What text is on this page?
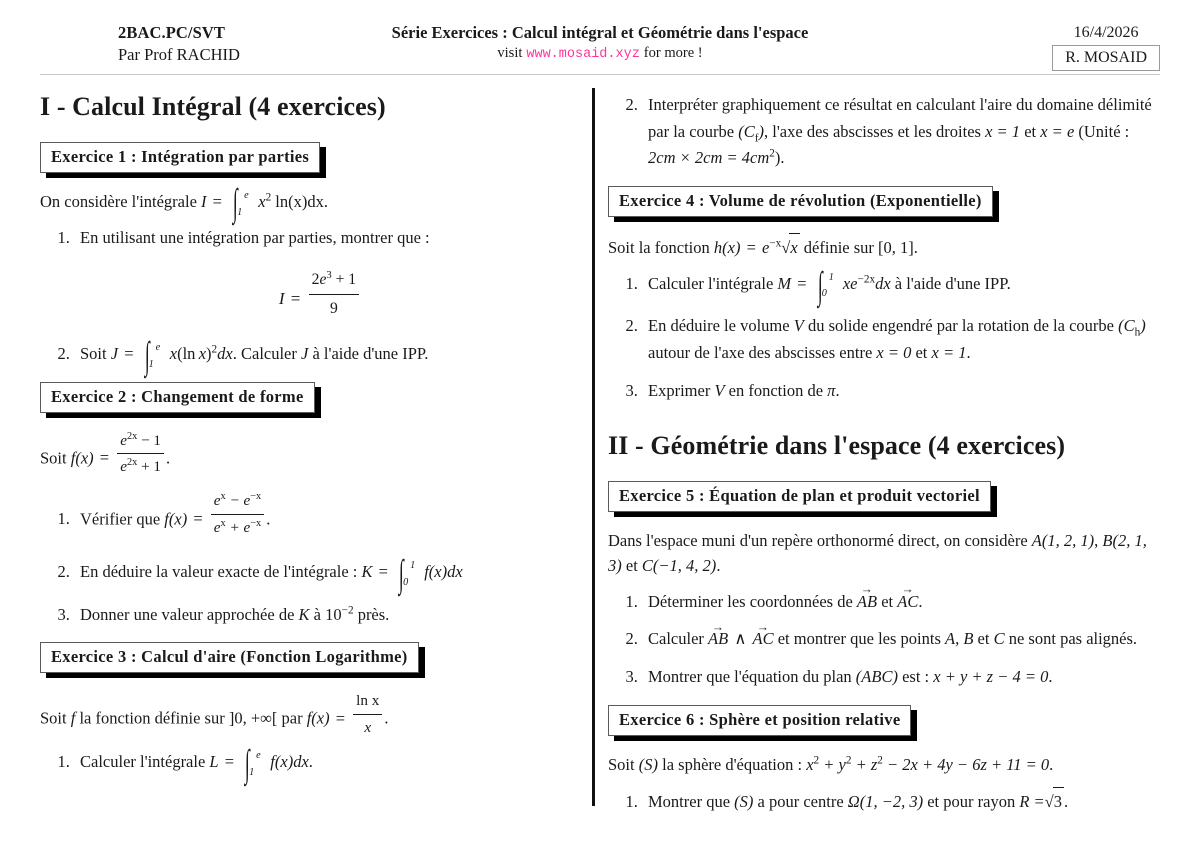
2BAC.PC/SVT
Par Prof RACHID
Série Exercices : Calcul intégral et Géométrie dans l'espace
visit www.mosaid.xyz for more !
16/4/2026
R. MOSAID
I - Calcul Intégral (4 exercices)
Exercice 1 : Intégration par parties

On considère l'intégrale I = ∫ e
1
$x^2$ ln(x)dx.

1. En utilisant une intégration par parties, montrer que :
$I = \frac{2e^3 + 1}{9}$
2. Soit J = ∫ e
1
x(ln x)$^2$dx. Calculer J à l'aide d'une IPP.
Exercice 2 : Changement de forme

Soit $f(x) = \frac{e^{2x} - 1}{e^{2x} + 1}$ .

1. Vérifier que $f(x) = \frac{e^x - e^{-x}}{e^x + e^{-x}}$ .
2. En déduire la valeur exacte de l'intégrale : K = ∫ 1
0
f(x)dx
3. Donner une valeur approchée de K à $10^{-2}$ près.
Exercice 3 : Calcul d'aire (Fonction Logarithme)

Soit f la fonction définie sur ]0, +∞[ par $f(x) = \frac{\text{ln x}}{x}$ .

1. Calculer l'intégrale L = ∫ e
1
f(x)dx.
2. Interpréter graphiquement ce résultat en calculant l'aire du domaine délimité par la courbe $(C_f)$, l'axe des abscisses et les droites x = 1 et x = e (Unité : $2cm \times 2cm = 4cm^2$).
Exercice 4 : Volume de révolution (Exponentielle)

Soit la fonction $h(x) = e^{-x}√x$ définie sur [0, 1].

1. Calculer l'intégrale M = ∫ 1
0
$xe^{-2x}dx$ à l'aide d'une IPP.
2. En déduire le volume V du solide engendré par la rotation de la courbe $(C_h)$ autour de l'axe des abscisses entre x = 0 et x = 1.
3. Exprimer V en fonction de π.
II - Géométrie dans l'espace (4 exercices)
Exercice 5 : Équation de plan et produit vectoriel

Dans l'espace muni d'un repère orthonormé direct, on considère A(1, 2, 1), B(2, 1, 3) et C(−1, 4, 2).

1. Déterminer les coordonnées de AB → et AC →.
2. Calculer AB → ∧ AC → et montrer que les points A, B et C ne sont pas alignés.
3. Montrer que l'équation du plan (ABC) est : x + y + z − 4 = 0.
Exercice 6 : Sphère et position relative

Soit (S) la sphère d'équation : $x^2 + y^2 + z^2 - 2x + 4y - 6z + 11 = 0$.

1. Montrer que (S) a pour centre Ω(1, −2, 3) et pour rayon R =√3 .
